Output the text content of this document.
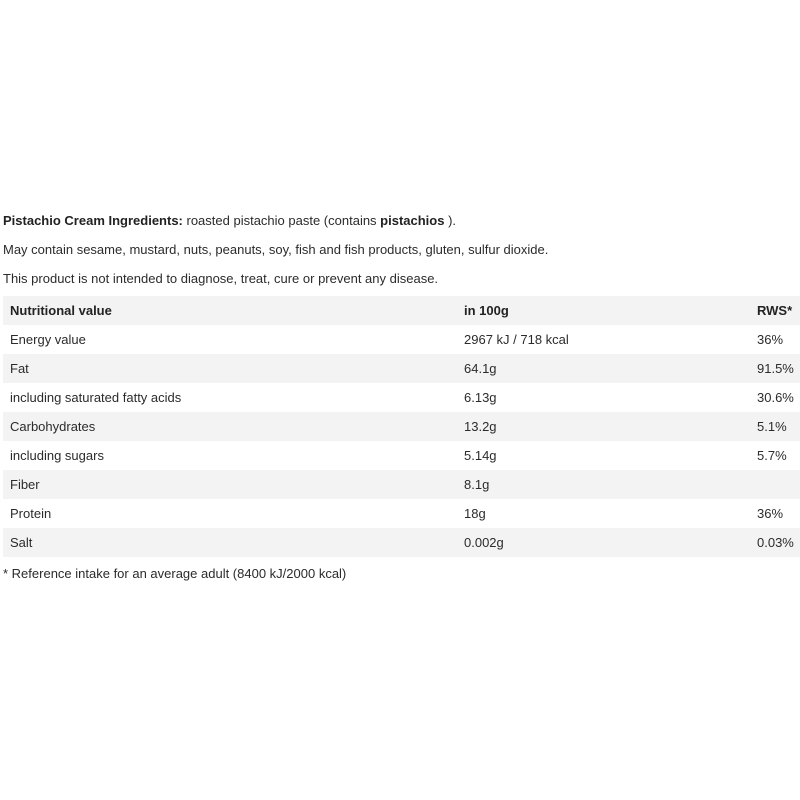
Pistachio Cream Ingredients: roasted pistachio paste (contains pistachios ).
May contain sesame, mustard, nuts, peanuts, soy, fish and fish products, gluten, sulfur dioxide.
This product is not intended to diagnose, treat, cure or prevent any disease.
Nutritional value	in 100g	RWS*
Energy value	2967 kJ / 718 kcal	36%
Fat	64.1g	91.5%
including saturated fatty acids	6.13g	30.6%
Carbohydrates	13.2g	5.1%
including sugars	5.14g	5.7%
Fiber	8.1g	
Protein	18g	36%
Salt	0.002g	0.03%
* Reference intake for an average adult (8400 kJ/2000 kcal)
